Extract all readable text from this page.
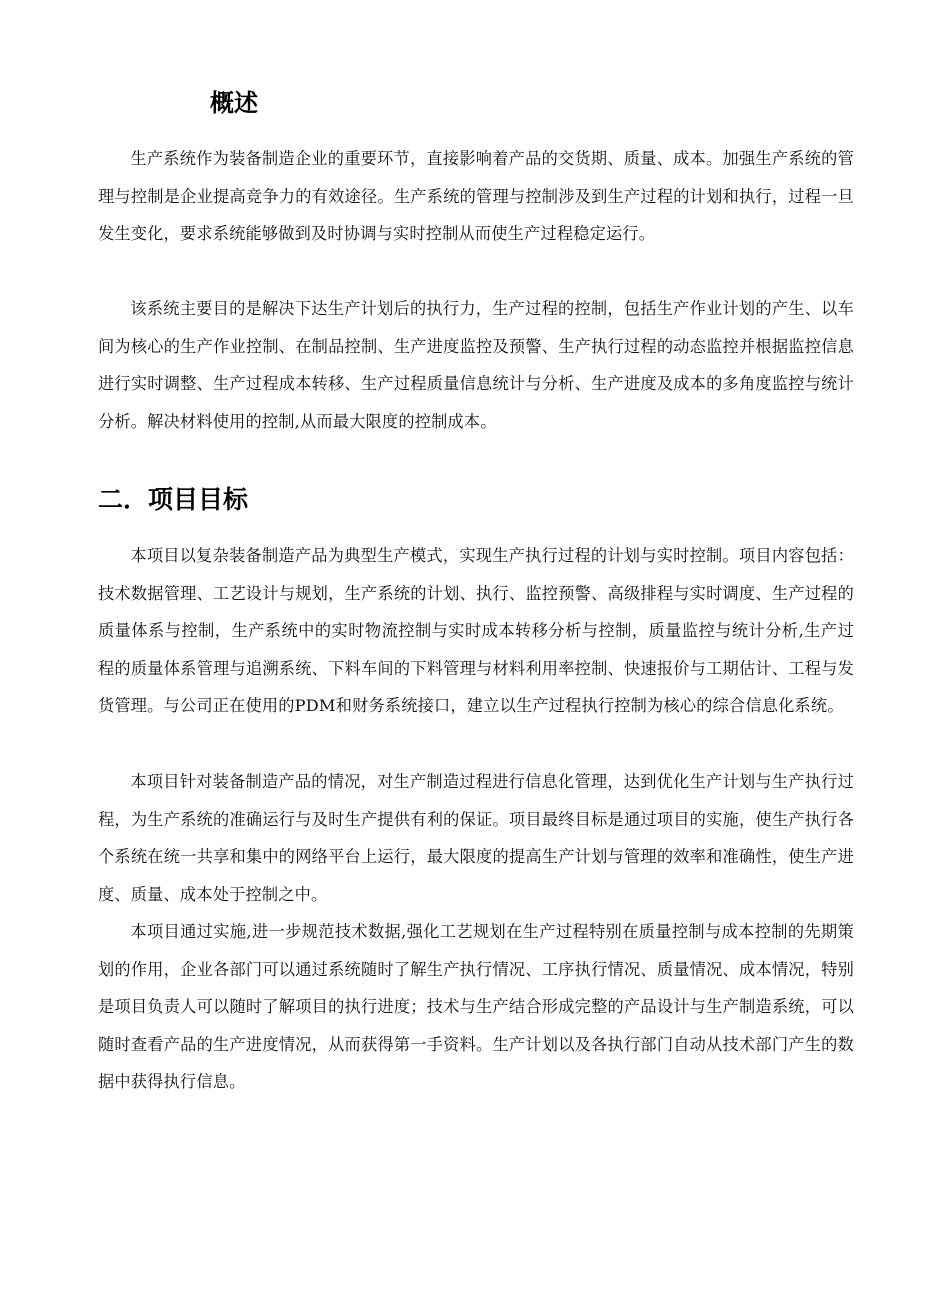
概述

生产系统作为装备制造企业的重要环节，直接影响着产品的交货期、质量、成本。加强生产系统的管理与控制是企业提高竞争力的有效途径。生产系统的管理与控制涉及到生产过程的计划和执行，过程一旦发生变化，要求系统能够做到及时协调与实时控制从而使生产过程稳定运行。

该系统主要目的是解决下达生产计划后的执行力，生产过程的控制，包括生产作业计划的产生、以车间为核心的生产作业控制、在制品控制、生产进度监控及预警、生产执行过程的动态监控并根据监控信息进行实时调整、生产过程成本转移、生产过程质量信息统计与分析、生产进度及成本的多角度监控与统计分析。解决材料使用的控制,从而最大限度的控制成本。

二．项目目标

本项目以复杂装备制造产品为典型生产模式，实现生产执行过程的计划与实时控制。项目内容包括：技术数据管理、工艺设计与规划，生产系统的计划、执行、监控预警、高级排程与实时调度、生产过程的质量体系与控制，生产系统中的实时物流控制与实时成本转移分析与控制，质量监控与统计分析,生产过程的质量体系管理与追溯系统、下料车间的下料管理与材料利用率控制、快速报价与工期估计、工程与发货管理。与公司正在使用的PDM和财务系统接口，建立以生产过程执行控制为核心的综合信息化系统。

本项目针对装备制造产品的情况，对生产制造过程进行信息化管理，达到优化生产计划与生产执行过程，为生产系统的准确运行与及时生产提供有利的保证。项目最终目标是通过项目的实施，使生产执行各个系统在统一共享和集中的网络平台上运行，最大限度的提高生产计划与管理的效率和准确性，使生产进度、质量、成本处于控制之中。

本项目通过实施,进一步规范技术数据,强化工艺规划在生产过程特别在质量控制与成本控制的先期策划的作用，企业各部门可以通过系统随时了解生产执行情况、工序执行情况、质量情况、成本情况，特别是项目负责人可以随时了解项目的执行进度；技术与生产结合形成完整的产品设计与生产制造系统，可以随时查看产品的生产进度情况，从而获得第一手资料。生产计划以及各执行部门自动从技术部门产生的数据中获得执行信息。
